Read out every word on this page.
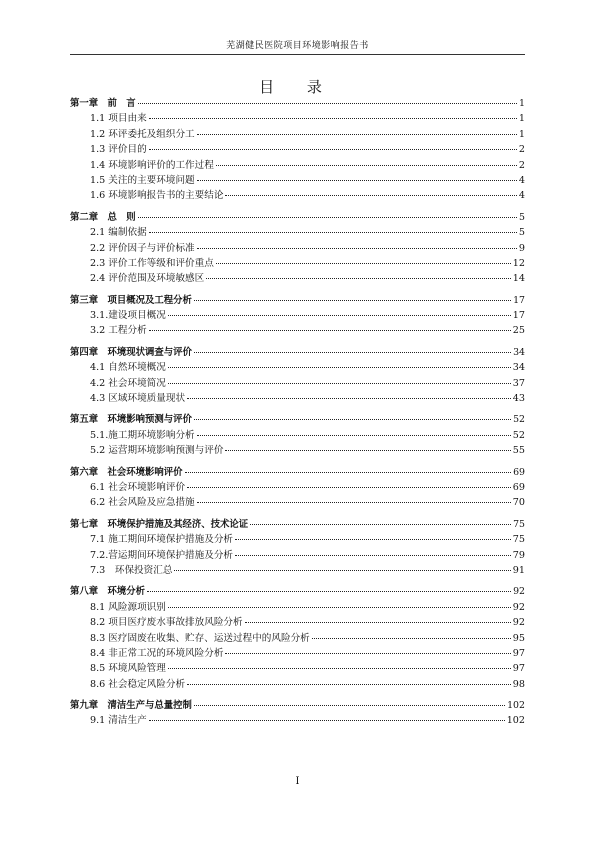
芜湖健民医院项目环境影响报告书
目 录
第一章　前　言	1
1.1 项目由来	1
1.2 环评委托及组织分工	1
1.3 评价目的	2
1.4 环境影响评价的工作过程	2
1.5 关注的主要环境问题	4
1.6 环境影响报告书的主要结论	4
第二章　总　则	5
2.1 编制依据	5
2.2 评价因子与评价标准	9
2.3 评价工作等级和评价重点	12
2.4 评价范围及环境敏感区	14
第三章　项目概况及工程分析	17
3.1.建设项目概况	17
3.2 工程分析	25
第四章　环境现状调查与评价	34
4.1 自然环境概况	34
4.2 社会环境简况	37
4.3 区域环境质量现状	43
第五章　环境影响预测与评价	52
5.1.施工期环境影响分析	52
5.2 运营期环境影响预测与评价	55
第六章　社会环境影响评价	69
6.1 社会环境影响评价	69
6.2 社会风险及应急措施	70
第七章　环境保护措施及其经济、技术论证	75
7.1 施工期间环境保护措施及分析	75
7.2.营运期间环境保护措施及分析	79
7.3　环保投资汇总	91
第八章　环境分析	92
8.1 风险源项识别	92
8.2 项目医疗废水事故排放风险分析	92
8.3 医疗固废在收集、贮存、运送过程中的风险分析	95
8.4 非正常工况的环境风险分析	97
8.5 环境风险管理	97
8.6 社会稳定风险分析	98
第九章　清洁生产与总量控制	102
9.1 清洁生产	102
I
